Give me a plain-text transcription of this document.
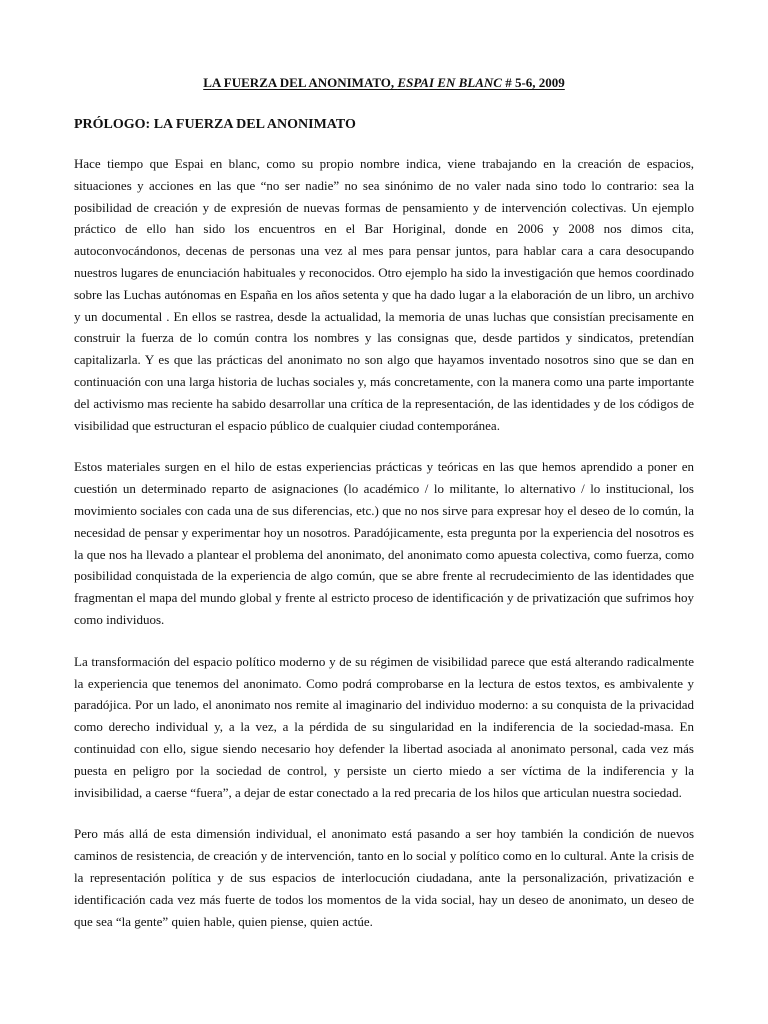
LA FUERZA DEL ANONIMATO, ESPAI EN BLANC # 5-6, 2009
PRÓLOGO: LA FUERZA DEL ANONIMATO

Hace tiempo que Espai en blanc, como su propio nombre indica, viene trabajando en la creación de espacios, situaciones y acciones en las que “no ser nadie” no sea sinónimo de no valer nada sino todo lo contrario: sea la posibilidad de creación y de expresión de nuevas formas de pensamiento y de intervención colectivas. Un ejemplo práctico de ello han sido los encuentros en el Bar Horiginal, donde en 2006 y 2008 nos dimos cita, autoconvocándonos, decenas de personas una vez al mes para pensar juntos, para hablar cara a cara desocupando nuestros lugares de enunciación habituales y reconocidos. Otro ejemplo ha sido la investigación que hemos coordinado sobre las Luchas autónomas en España en los años setenta y que ha dado lugar a la elaboración de un libro, un archivo y un documental . En ellos se rastrea, desde la actualidad, la memoria de unas luchas que consistían precisamente en construir la fuerza de lo común contra los nombres y las consignas que, desde partidos y sindicatos, pretendían capitalizarla. Y es que las prácticas del anonimato no son algo que hayamos inventado nosotros sino que se dan en continuación con una larga historia de luchas sociales y, más concretamente, con la manera como una parte importante del activismo mas reciente ha sabido desarrollar una crítica de la representación, de las identidades y de los códigos de visibilidad que estructuran el espacio público de cualquier ciudad contemporánea.

Estos materiales surgen en el hilo de estas experiencias prácticas y teóricas en las que hemos aprendido a poner en cuestión un determinado reparto de asignaciones (lo académico / lo militante, lo alternativo / lo institucional, los movimiento sociales con cada una de sus diferencias, etc.) que no nos sirve para expresar hoy el deseo de lo común, la necesidad de pensar y experimentar hoy un nosotros. Paradójicamente, esta pregunta por la experiencia del nosotros es la que nos ha llevado a plantear el problema del anonimato, del anonimato como apuesta colectiva, como fuerza, como posibilidad conquistada de la experiencia de algo común, que se abre frente al recrudecimiento de las identidades que fragmentan el mapa del mundo global y frente al estricto proceso de identificación y de privatización que sufrimos hoy como individuos.

La transformación del espacio político moderno y de su régimen de visibilidad parece que está alterando radicalmente la experiencia que tenemos del anonimato. Como podrá comprobarse en la lectura de estos textos, es ambivalente y paradójica. Por un lado, el anonimato nos remite al imaginario del individuo moderno: a su conquista de la privacidad como derecho individual y, a la vez, a la pérdida de su singularidad en la indiferencia de la sociedad-masa. En continuidad con ello, sigue siendo necesario hoy defender la libertad asociada al anonimato personal, cada vez más puesta en peligro por la sociedad de control, y persiste un cierto miedo a ser víctima de la indiferencia y la invisibilidad, a caerse “fuera”, a dejar de estar conectado a la red precaria de los hilos que articulan nuestra sociedad.

Pero más allá de esta dimensión individual, el anonimato está pasando a ser hoy también la condición de nuevos caminos de resistencia, de creación y de intervención, tanto en lo social y político como en lo cultural. Ante la crisis de la representación política y de sus espacios de interlocución ciudadana, ante la personalización, privatización e identificación cada vez más fuerte de todos los momentos de la vida social, hay un deseo de anonimato, un deseo de que sea “la gente” quien hable, quien piense, quien actúe.
